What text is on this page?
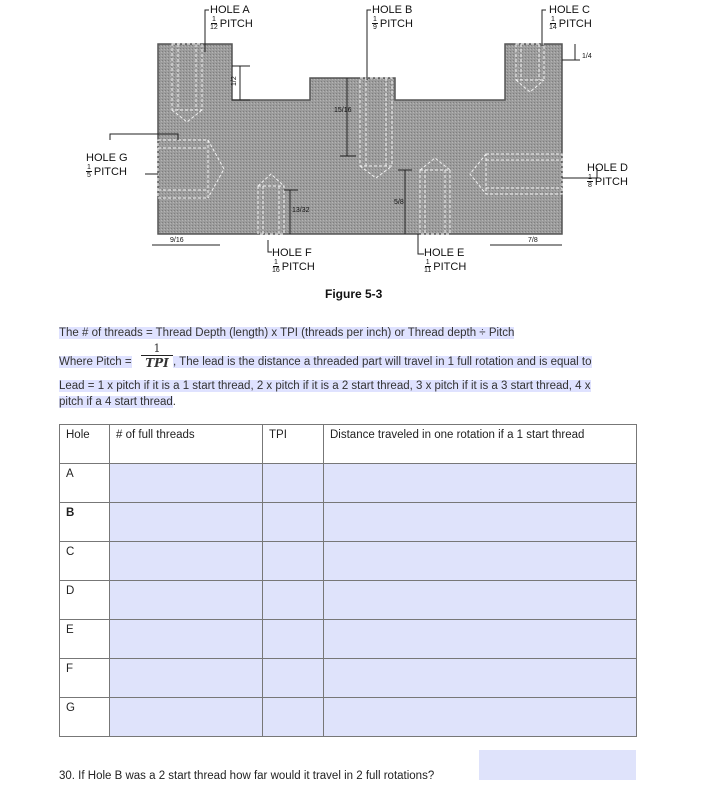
1/2
15/16
1/4
5/8
13/32
9/16	7/8
HOLE A
$\frac{1}{12}$ PITCH
HOLE B
$\frac{1}{9}$ PITCH
HOLE C
$\frac{1}{14}$ PITCH
HOLE G
$\frac{1}{5}$ PITCH	HOLE D
$\frac{1}{8}$ PITCH
HOLE F
$\frac{1}{16}$ PITCH
HOLE E
$\frac{1}{11}$ PITCH
Figure 5-3
The # of threads = Thread Depth (length) x TPI (threads per inch) or Thread depth ÷ Pitch
Where Pitch =
1
TPI , The lead is the distance a threaded part will travel in 1 full rotation and is equal to
Lead = 1 x pitch if it is a 1 start thread, 2 x pitch if it is a 2 start thread, 3 x pitch if it is a 3 start thread, 4 x
pitch if a 4 start thread.
Hole	# of full threads	TPI	Distance traveled in one rotation if a 1 start thread
A			
B			
C			
D			
E			
F			
G			
30. If Hole B was a 2 start thread how far would it travel in 2 full rotations?
